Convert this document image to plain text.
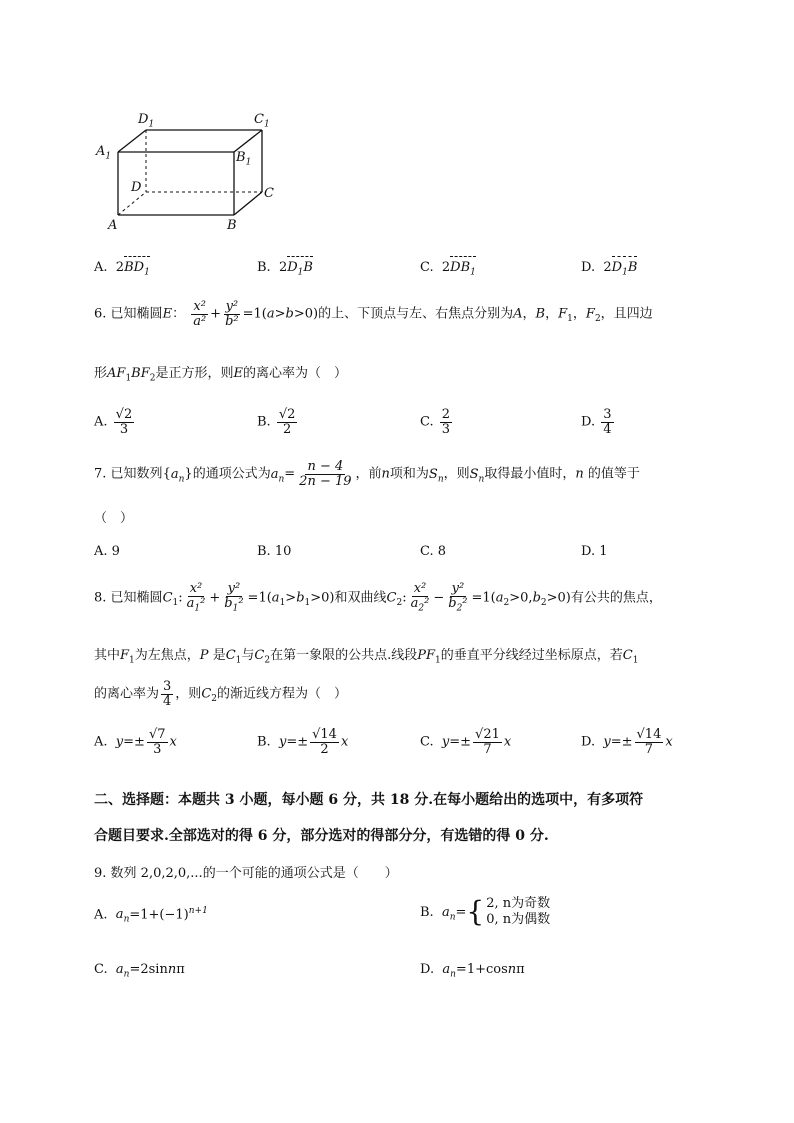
$D_1$	$C_1$
$A_1$	$B_1$
D	C
A	B
A. $2BD_1$	B. $2D_1B$	C. $2DB_1$	D. $2D_1B$
6. 已知椭圆E： $\frac{\text{x²}}{\text{a²}} + \frac{\text{y²}}{\text{b²}} =1(a>b>0)$的上、下顶点与左、右焦点分别为A，B，$F_1$，$F_2$，且四边
形$AF_1BF_2$是正方形，则E的离心率为（　）
A. $\frac{√2}{3}$	B. $\frac{√2}{2}$	C. $\frac{2}{3}$	D. $\frac{3}{4}$
7. 已知数列$\{a_n\}$的通项公式为$a_n= \frac{n - 4}{2n - 19}$ ，前n项和为$S_n$，则$S_n$取得最小值时，n 的值等于
（　）
A. 9	B. 10	C. 8	D. 1
8. 已知椭圆$C_1$: $\frac{\text{x²}}{a_1^2} + \frac{\text{y²}}{b_1^2} =1(a_1>b_1>0)$和双曲线$C_2$: $\frac{\text{x²}}{a_2^2} - \frac{\text{y²}}{b_2^2} =1(a_2>0,b_2>0)$有公共的焦点，
其中$F_1$为左焦点，P 是$C_1$与$C_2$在第一象限的公共点.线段$PF_1$的垂直平分线经过坐标原点，若$C_1$
的离心率为 $\frac{3}{4}$ ，则$C_2$的渐近线方程为（　）
A. $y=\pm \frac{√7}{3}$ x	B. $y=\pm \frac{√14}{2}$ x	C. $y=\pm \frac{√21}{7}$ x	D. $y=\pm \frac{√14}{7}$ x
二、选择题：本题共 3 小题，每小题 6 分，共 18 分.在每小题给出的选项中，有多项符
合题目要求.全部选对的得 6 分，部分选对的得部分分，有选错的得 0 分.
9. 数列 2,0,2,0,...的一个可能的通项公式是（　　）
A. $a_n=1+(-1)^{n+1}$	B. $a_n=${ 2, n为奇数
0, n为偶数
C. $a_n=2\sin n\pi$	D. $a_n=1+\cos n\pi$
